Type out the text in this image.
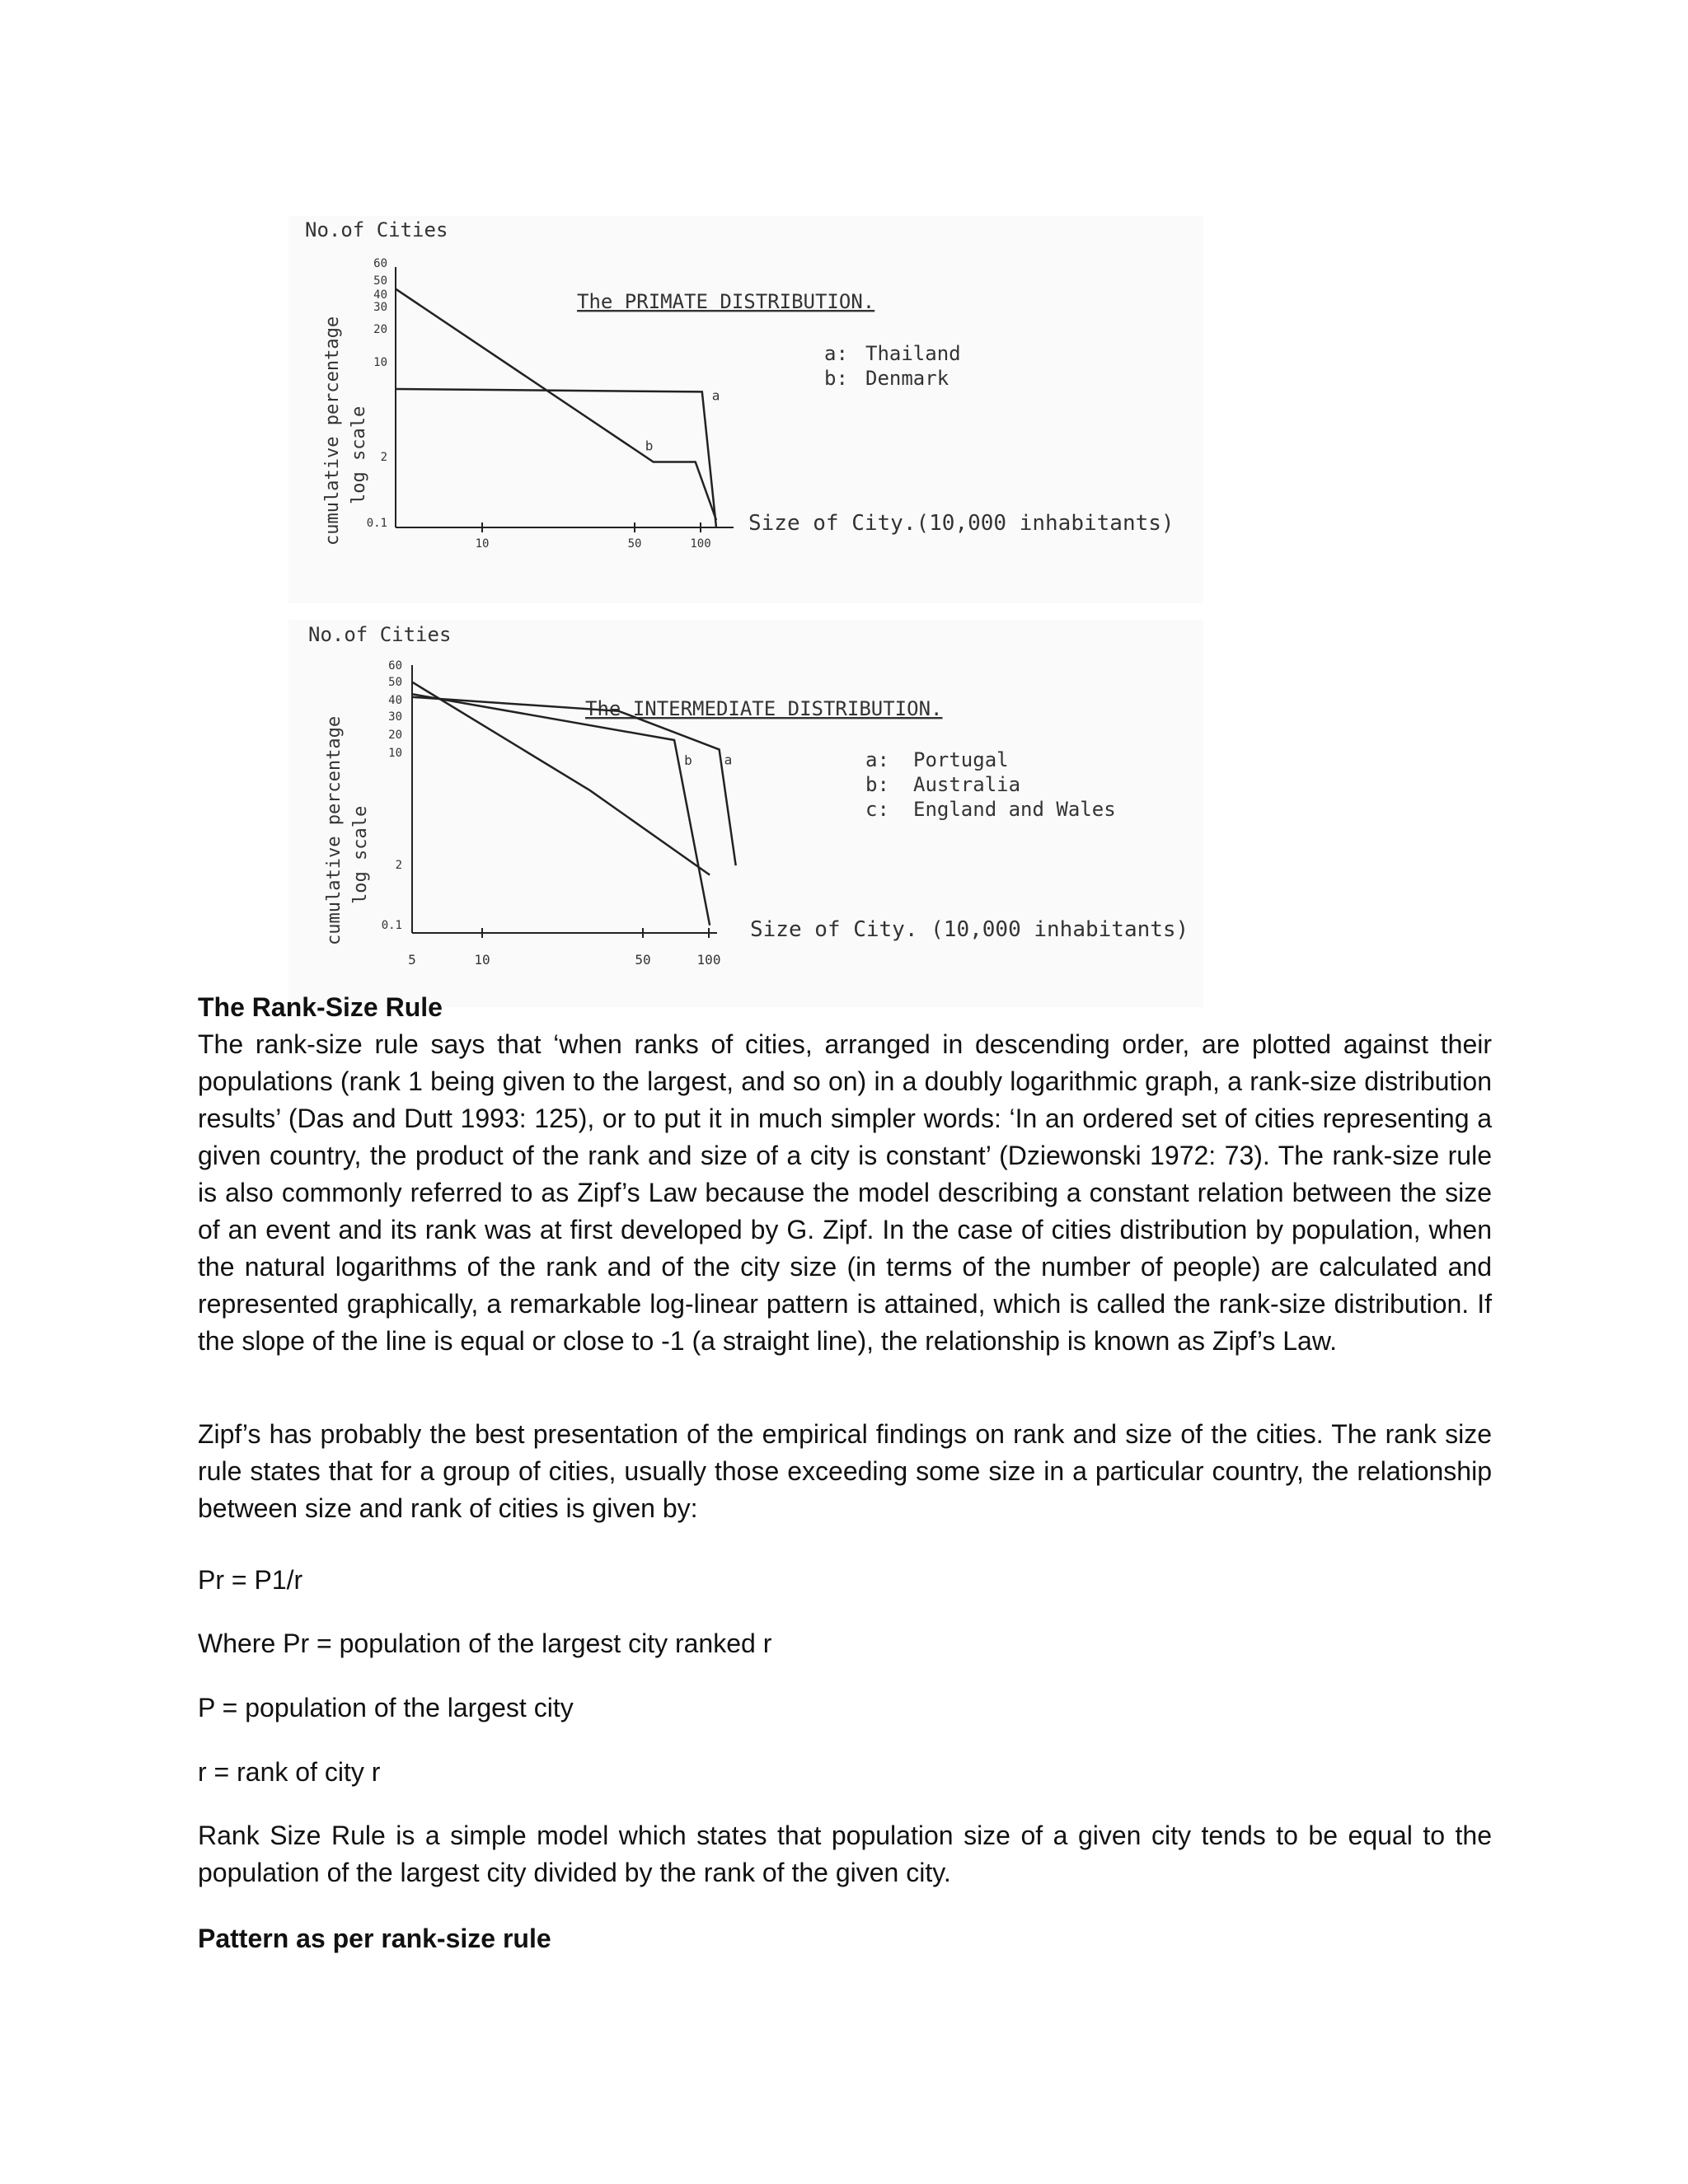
No.of Cities
cumulative percentage log scale
60
50
40
30
20
10
2
0.1
10	50	100
The PRIMATE DISTRIBUTION.
a: Thailand
b: Denmark
Size of City.(10,000 inhabitants)
a
b
No.of Cities
cumulative percentage log scale
60
50
40
30
20
10
2
0.1
5	10	50	100
The INTERMEDIATE DISTRIBUTION.
a: Portugal
b: Australia
c: England and Wales
Size of City. (10,000 inhabitants)
a
b

The Rank-Size Rule

The rank-size rule says that ‘when ranks of cities, arranged in descending order, are plotted against their populations (rank 1 being given to the largest, and so on) in a doubly logarithmic graph, a rank-size distribution results’ (Das and Dutt 1993: 125), or to put it in much simpler words: ‘In an ordered set of cities representing a given country, the product of the rank and size of a city is constant’ (Dziewonski 1972: 73). The rank-size rule is also commonly referred to as Zipf’s Law because the model describing a constant relation between the size of an event and its rank was at first developed by G. Zipf. In the case of cities distribution by population, when the natural logarithms of the rank and of the city size (in terms of the number of people) are calculated and represented graphically, a remarkable log-linear pattern is attained, which is called the rank-size distribution. If the slope of the line is equal or close to -1 (a straight line), the relationship is known as Zipf’s Law.

Zipf’s has probably the best presentation of the empirical findings on rank and size of the cities. The rank size rule states that for a group of cities, usually those exceeding some size in a particular country, the relationship between size and rank of cities is given by:

Pr = P1/r

Where Pr = population of the largest city ranked r

P = population of the largest city

r = rank of city r

Rank Size Rule is a simple model which states that population size of a given city tends to be equal to the population of the largest city divided by the rank of the given city.

Pattern as per rank-size rule
